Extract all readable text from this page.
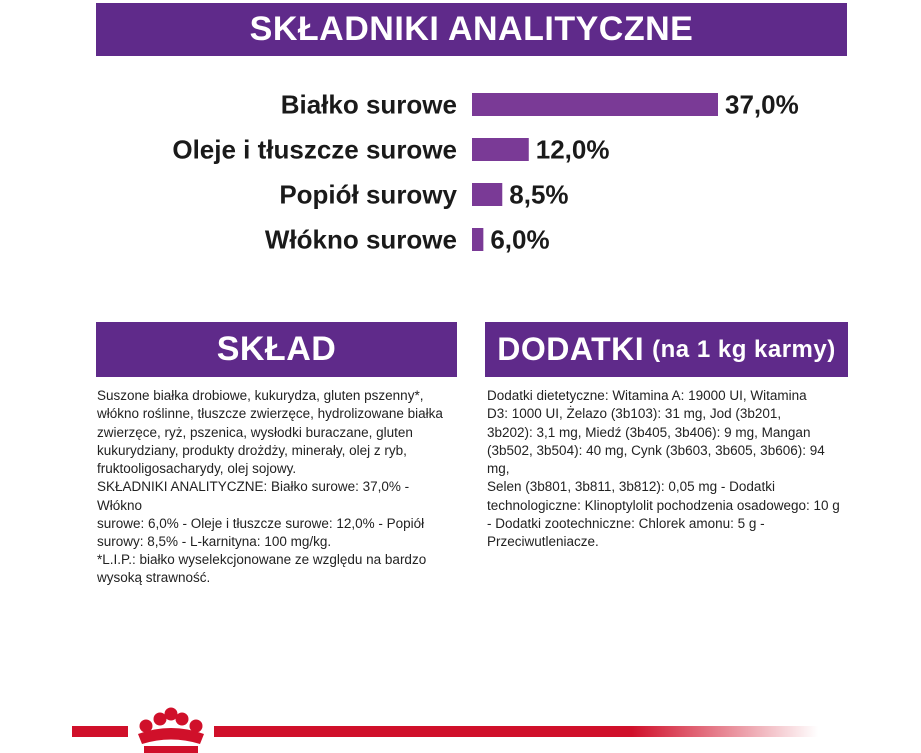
SKŁADNIKI ANALITYCZNE
Białko surowe	37,0%
Oleje i tłuszcze surowe	12,0%
Popiół surowy 8,5%
Włókno surowe 6,0%
SKŁAD
Suszone białka drobiowe, kukurydza, gluten pszenny*,
włókno roślinne, tłuszcze zwierzęce, hydrolizowane białka
zwierzęce, ryż, pszenica, wysłodki buraczane, gluten
kukurydziany, produkty drożdży, minerały, olej z ryb,
fruktooligosacharydy, olej sojowy.
SKŁADNIKI ANALITYCZNE: Białko surowe: 37,0% - Włókno
surowe: 6,0% - Oleje i tłuszcze surowe: 12,0% - Popiół
surowy: 8,5% - L-karnityna: 100 mg/kg.
*L.I.P.: białko wyselekcjonowane ze względu na bardzo
wysoką strawność.
DODATKI (na 1 kg karmy)
Dodatki dietetyczne: Witamina A: 19000 UI, Witamina
D3: 1000 UI, Żelazo (3b103): 31 mg, Jod (3b201,
3b202): 3,1 mg, Miedź (3b405, 3b406): 9 mg, Mangan
(3b502, 3b504): 40 mg, Cynk (3b603, 3b605, 3b606): 94 mg,
Selen (3b801, 3b811, 3b812): 0,05 mg - Dodatki
technologiczne: Klinoptylolit pochodzenia osadowego: 10 g
- Dodatki zootechniczne: Chlorek amonu: 5 g -
Przeciwutleniacze.
